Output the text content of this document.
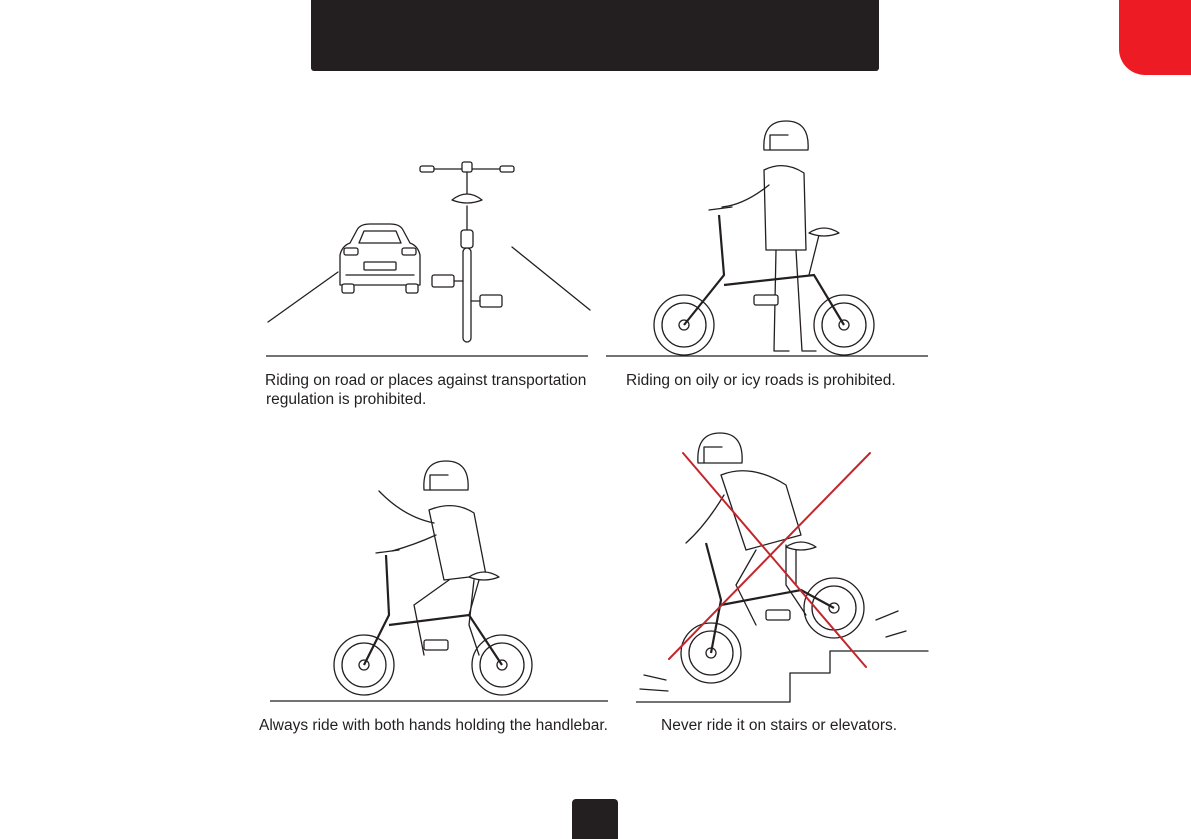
Riding on road or places against transportation

regulation is prohibited.

Riding on oily or icy roads is prohibited.

Always ride with both hands holding the handlebar.	Never ride it on stairs or elevators.
